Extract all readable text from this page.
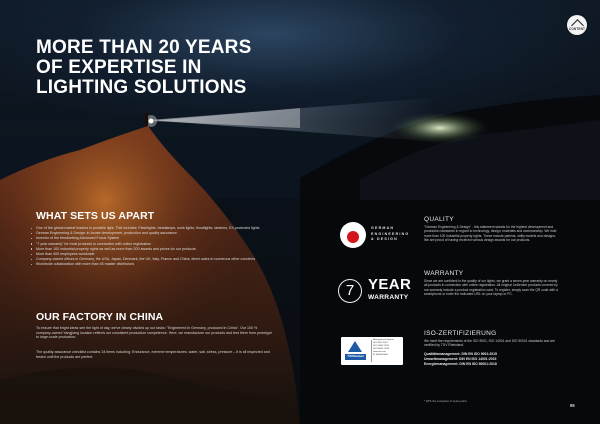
CONTENT
MORE THAN 20 YEARS
OF EXPERTISE IN
LIGHTING SOLUTIONS
WHAT SETS US APART
One of the global market leaders in portable light. This includes: Flashlights, headlamps, work lights, floodlights, lanterns, EX-protected lights
German Engineering & Design: in-house development, production and quality assurance
Inventor of the trendsetting Advanced Focus System
"7 year warranty" for most products in connection with online registration
More than 100 industrial property rights as well as more than 200 awards and prizes for our products
More than 400 employees worldwide
Company-owned offices in Germany, the USA, Japan, Denmark, the UK, Italy, France and China; direct sales in numerous other countries
Worldwide collaboration with more than 45 master distributors
OUR FACTORY IN CHINA

To ensure that bright ideas see the light of day, we've clearly divided up our tasks: "Engineered in Germany, produced in China". Our 100 % company-owned Yangjiang location reflects our consistent production competence. Here, we manufacture our products and test them from prototype to large-scale production.

The quality assurance checklist contains 34 items including: Endurance, extreme temperatures, water, salt, stress, pressure – it is all inspected and tested until the products are perfect.

GERMAN
ENGINEERING
& DESIGN
QUALITY

"German Engineering & Design" - this statement stands for the highest development and production standards in regard to technology, design, materials and workmanship. We hold more than 100 industrial property rights. These include patents, utility models and designs. We are proud of having received various design awards for our products.

7 YEAR
WARRANTY
WARRANTY

Since we are confident in the quality of our lights, we grant a seven-year warranty on nearly all products in connection with online registration. All original Ledlenser products covered by our warranty include a product registration card. To register, simply scan the QR code with a smartphone or enter the indicated URL on your laptop or PC.

TÜVRheinland
Management System
ISO 9001:2015
ISO 14001:2015
ISO 50001:2018
www.tuv.com
ID 9000000000
ISO-ZERTIFIZIERUNG

We meet the requirements of the ISO 9001, ISO 14001 and ISO 50001 standards and are certified by TÜV Rheinland.

Qualitätsmanagement: DIN EN ISO 9001:2015
Umweltmanagement: DIN EN ISO 14001:2015
Energiemanagement: DIN EN ISO 50001:2018

* With the exception of spare parts

95
